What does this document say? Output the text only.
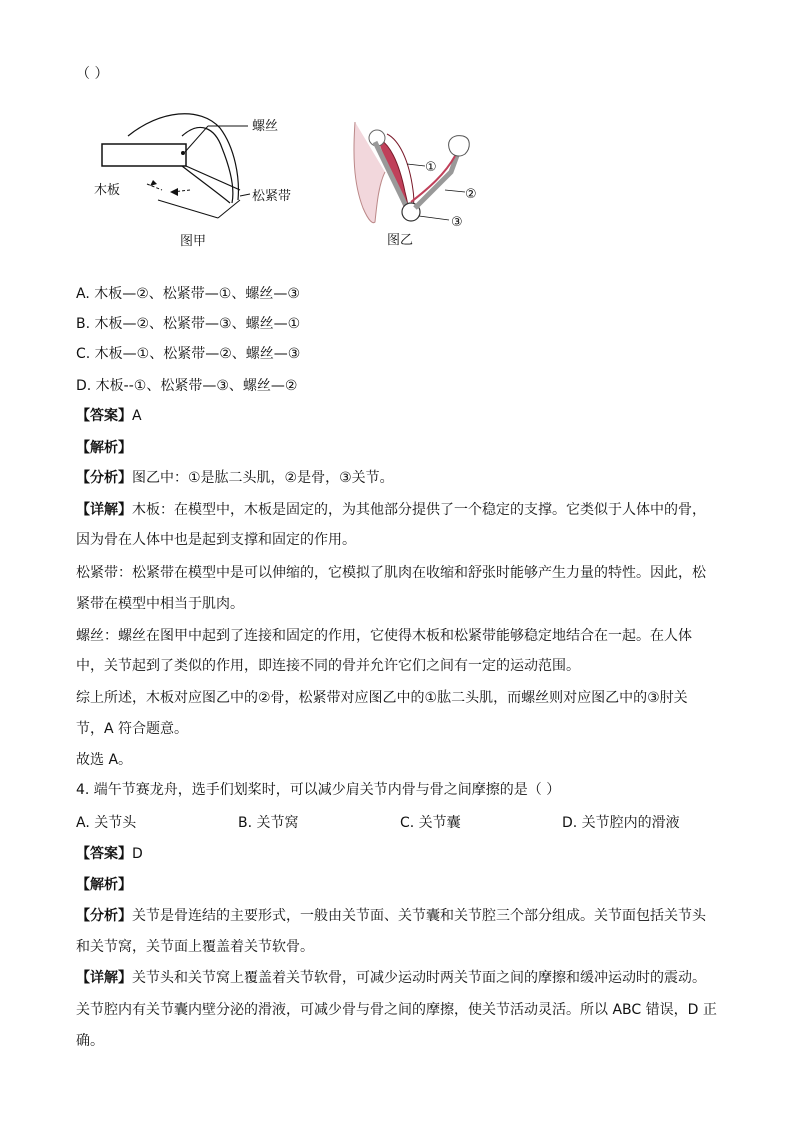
（ ）
螺丝
木板	松紧带
图甲
①
②
③
图乙
A. 木板—②、松紧带—①、螺丝—③
B. 木板—②、松紧带—③、螺丝—①
C. 木板—①、松紧带—②、螺丝—③
D. 木板--①、松紧带—③、螺丝—②
【答案】A
【解析】
【分析】图乙中：①是肱二头肌，②是骨，③关节。
【详解】木板：在模型中，木板是固定的，为其他部分提供了一个稳定的支撑。它类似于人体中的骨，
因为骨在人体中也是起到支撑和固定的作用。
松紧带：松紧带在模型中是可以伸缩的，它模拟了肌肉在收缩和舒张时能够产生力量的特性。因此，松
紧带在模型中相当于肌肉。
螺丝：螺丝在图甲中起到了连接和固定的作用，它使得木板和松紧带能够稳定地结合在一起。在人体
中，关节起到了类似的作用，即连接不同的骨并允许它们之间有一定的运动范围。
综上所述，木板对应图乙中的②骨，松紧带对应图乙中的①肱二头肌，而螺丝则对应图乙中的③肘关
节，A 符合题意。
故选 A。
4. 端午节赛龙舟，选手们划桨时，可以减少肩关节内骨与骨之间摩擦的是（ ）
A. 关节头	B. 关节窝	C. 关节囊	D. 关节腔内的滑液
【答案】D
【解析】
【分析】关节是骨连结的主要形式，一般由关节面、关节囊和关节腔三个部分组成。关节面包括关节头
和关节窝，关节面上覆盖着关节软骨。
【详解】关节头和关节窝上覆盖着关节软骨，可减少运动时两关节面之间的摩擦和缓冲运动时的震动。
关节腔内有关节囊内壁分泌的滑液，可减少骨与骨之间的摩擦，使关节活动灵活。所以 ABC 错误，D 正
确。
